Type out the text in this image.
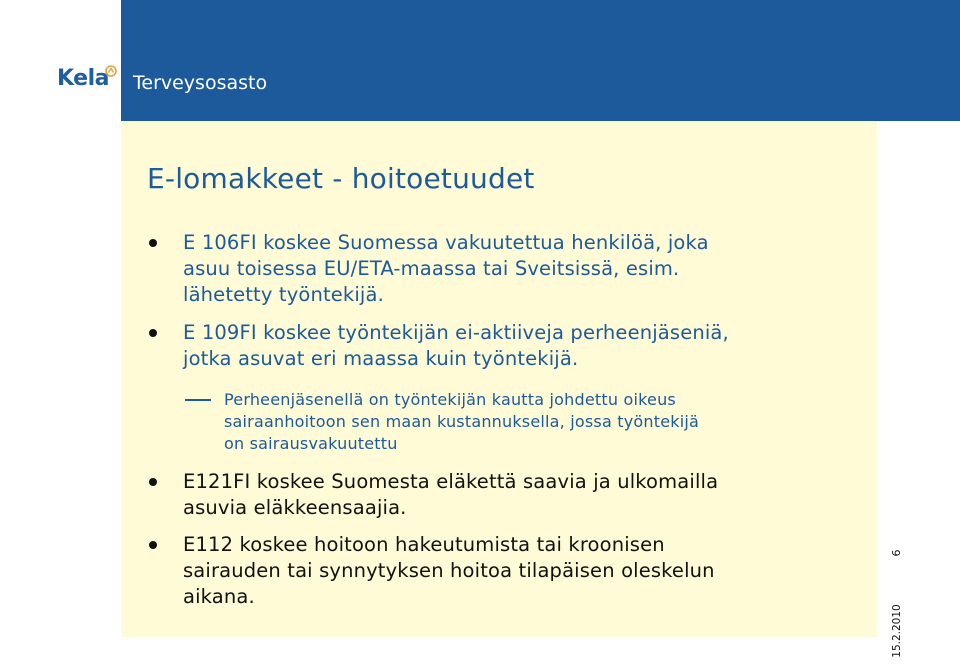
Kela Terveysosasto
E-lomakkeet - hoitoetuudet
E 106FI koskee Suomessa vakuutettua henkilöä, joka
asuu toisessa EU/ETA-maassa tai Sveitsissä, esim.
lähetetty työntekijä.
E 109FI koskee työntekijän ei-aktiiveja perheenjäseniä,
jotka asuvat eri maassa kuin työntekijä.
Perheenjäsenellä on työntekijän kautta johdettu oikeus
sairaanhoitoon sen maan kustannuksella, jossa työntekijä
on sairausvakuutettu
E121FI koskee Suomesta eläkettä saavia ja ulkomailla
asuvia eläkkeensaajia.
E112 koskee hoitoon hakeutumista tai kroonisen
sairauden tai synnytyksen hoitoa tilapäisen oleskelun
aikana.
6
15.2.2010
